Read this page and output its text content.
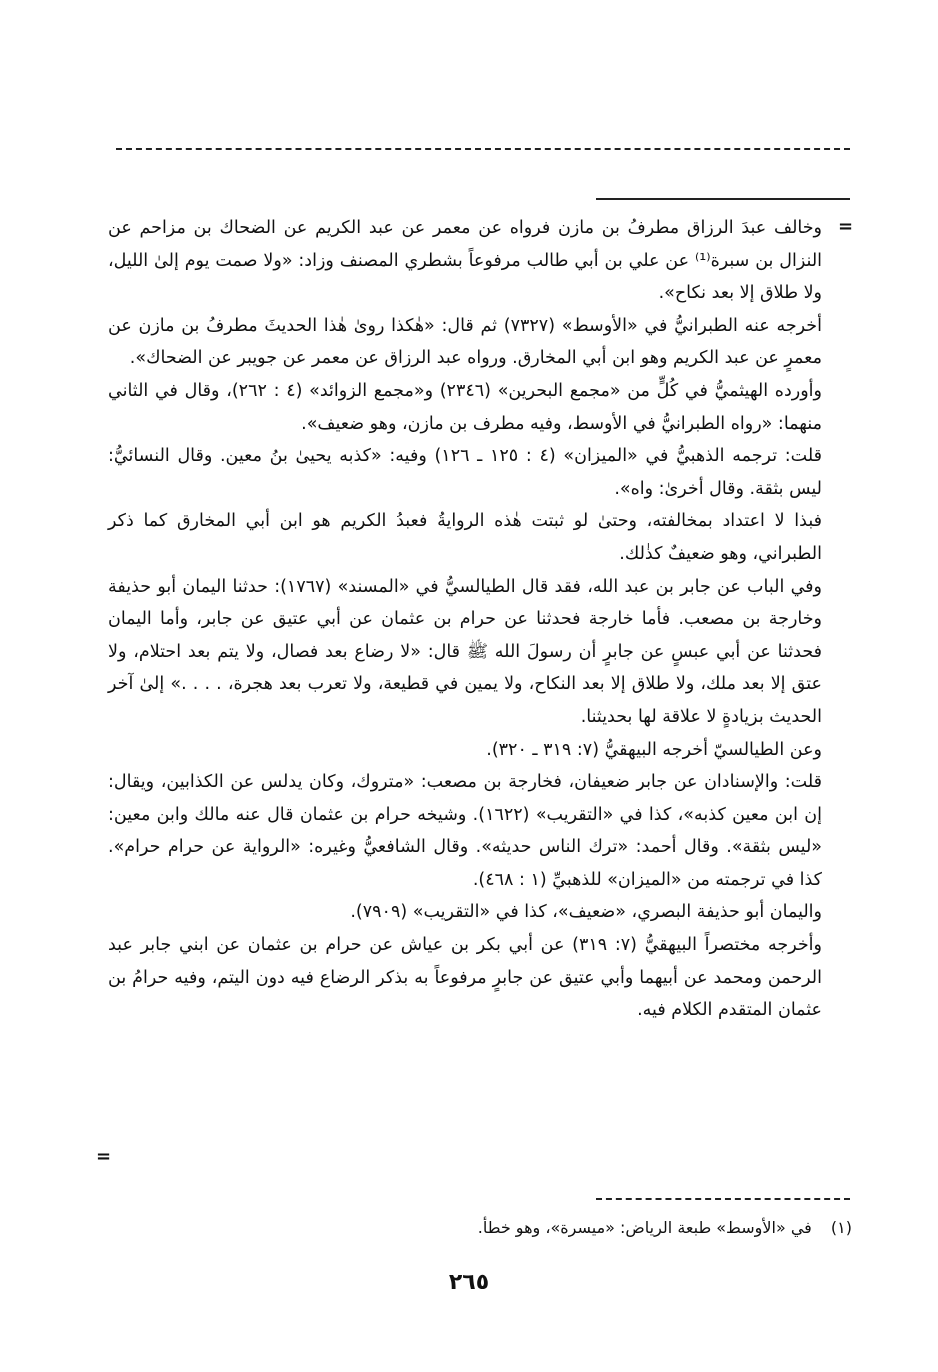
=

وخالف عبدَ الرزاق مطرفُ بن مازن فرواه عن معمر عن عبد الكريم عن الضحاك بن مزاحم عن النزال بن سبرة⁽¹⁾ عن علي بن أبي طالب مرفوعاً بشطري المصنف وزاد: «ولا صمت يوم إلىٰ الليل، ولا طلاق إلا بعد نكاح».

أخرجه عنه الطبرانيُّ في «الأوسط» (٧٣٢٧) ثم قال: «هٰكذا روىٰ هٰذا الحديثَ مطرفُ بن مازن عن معمرٍ عن عبد الكريم وهو ابن أبي المخارق. ورواه عبد الرزاق عن معمر عن جويبر عن الضحاك».

وأورده الهيثميُّ في كُلٍّ من «مجمع البحرين» (٢٣٤٦) و«مجمع الزوائد» (٤ : ٢٦٢)، وقال في الثاني منهما: «رواه الطبرانيُّ في الأوسط، وفيه مطرف بن مازن، وهو ضعيف».

قلت: ترجمه الذهبيُّ في «الميزان» (٤ : ١٢٥ ـ ١٢٦) وفيه: «كذبه يحيىٰ بنُ معين. وقال النسائيُّ: ليس بثقة. وقال أخرىٰ: واه».

فبذا لا اعتداد بمخالفته، وحتىٰ لو ثبتت هٰذه الروايةُ فعبدُ الكريم هو ابن أبي المخارق كما ذكر الطبراني، وهو ضعيفٌ كذٰلك.

وفي الباب عن جابر بن عبد الله، فقد قال الطيالسيُّ في «المسند» (١٧٦٧): حدثنا اليمان أبو حذيفة وخارجة بن مصعب. فأما خارجة فحدثنا عن حرام بن عثمان عن أبي عتيق عن جابر، وأما اليمان فحدثنا عن أبي عبسٍ عن جابرٍ أن رسولَ الله ﷺ قال: «لا رضاع بعد فصال، ولا يتم بعد احتلام، ولا عتق إلا بعد ملك، ولا طلاق إلا بعد النكاح، ولا يمين في قطيعة، ولا تعرب بعد هجرة، . . . .» إلىٰ آخر الحديث بزيادةٍ لا علاقة لها بحديثنا.

وعن الطيالسيّ أخرجه البيهقيُّ (٧: ٣١٩ ـ ٣٢٠).

قلت: والإسنادان عن جابر ضعيفان، فخارجة بن مصعب: «متروك، وكان يدلس عن الكذابين، ويقال: إن ابن معين كذبه»، كذا في «التقريب» (١٦٢٢). وشيخه حرام بن عثمان قال عنه مالك وابن معين: «ليس بثقة». وقال أحمد: «ترك الناس حديثه». وقال الشافعيُّ وغيره: «الرواية عن حرام حرام». كذا في ترجمته من «الميزان» للذهبيِّ (١ : ٤٦٨).

واليمان أبو حذيفة البصري، «ضعيف»، كذا في «التقريب» (٧٩٠٩).

وأخرجه مختصراً البيهقيُّ (٧: ٣١٩) عن أبي بكر بن عياش عن حرام بن عثمان عن ابني جابر عبد الرحمن ومحمد عن أبيهما وأبي عتيق عن جابرٍ مرفوعاً به بذكر الرضاع فيه دون اليتم، وفيه حرامُ بن عثمان المتقدم الكلام فيه.

=
(١) في «الأوسط» طبعة الرياض: «ميسرة»، وهو خطأ.
٢٦٥
